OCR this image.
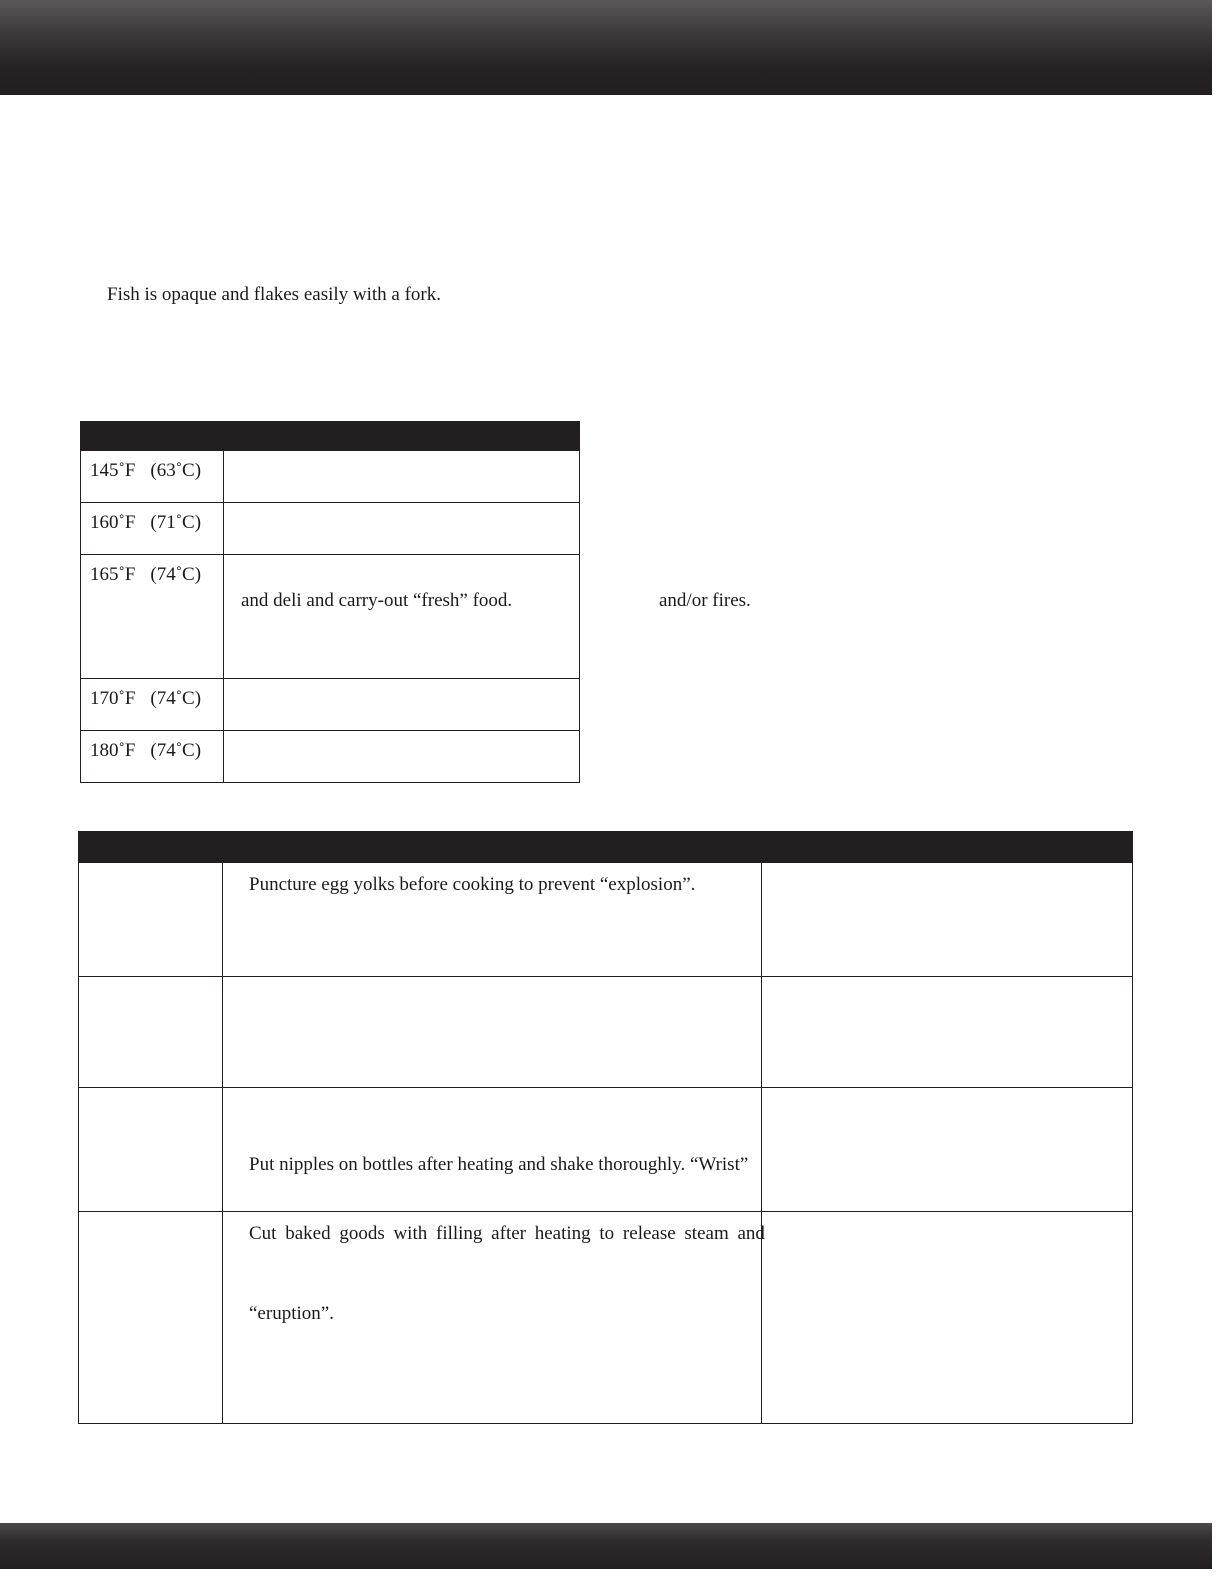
Fish is opaque and flakes easily with a fork.

145˚F (63˚C)	
160˚F (71˚C)	
165˚F (74˚C)	and deli and carry-out “fresh” food.

170˚F (74˚C)	
180˚F (74˚C)	
and/or fires.

	Puncture egg yolks before cooking to prevent “explosion”.	

	Put nipples on bottles after heating and shake thoroughly. “Wrist”	

	Cut baked goods with filling after heating to release steam and
“eruption”.	
